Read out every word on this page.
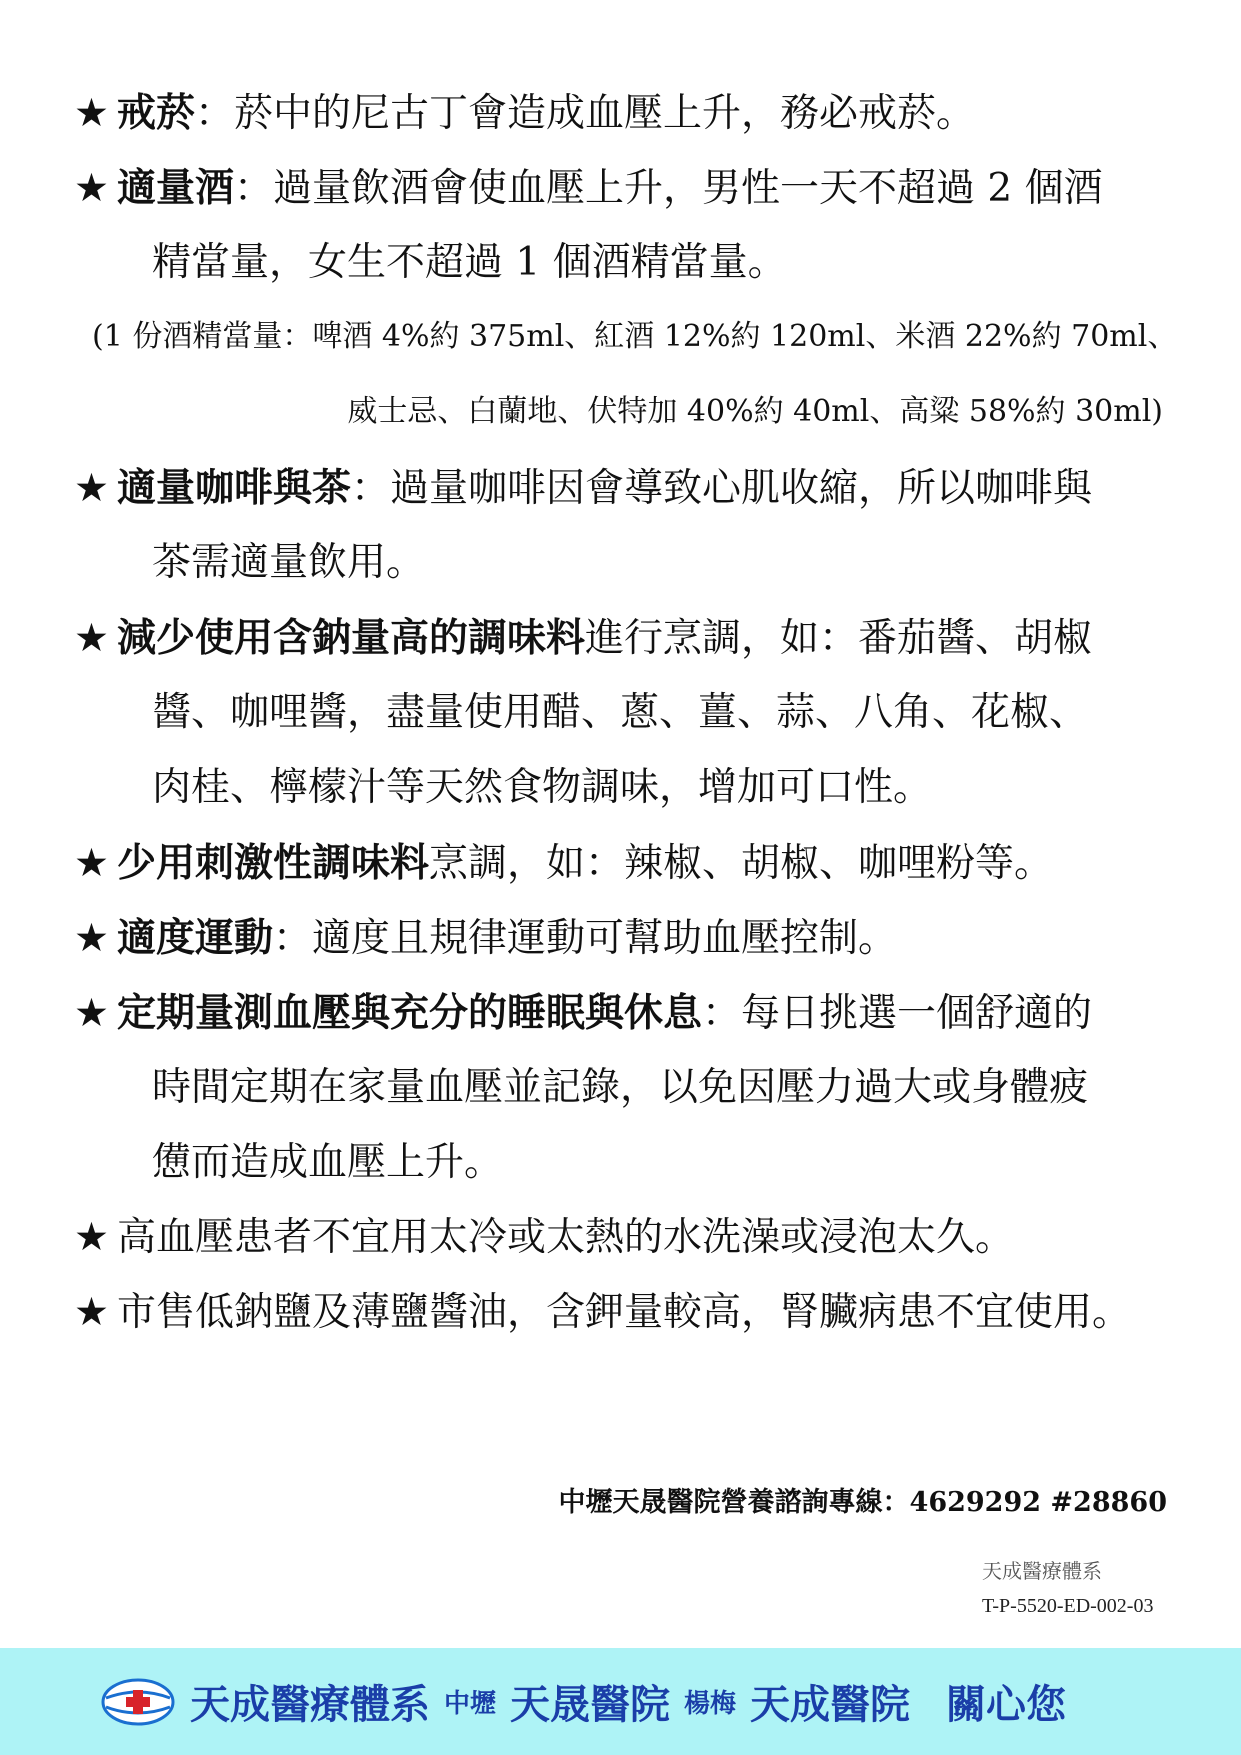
★ 戒菸：菸中的尼古丁會造成血壓上升，務必戒菸。
★ 適量酒：過量飲酒會使血壓上升，男性一天不超過 2 個酒
精當量，女生不超過 1 個酒精當量。
(1 份酒精當量：啤酒 4%約 375ml、紅酒 12%約 120ml、米酒 22%約 70ml、
威士忌、白蘭地、伏特加 40%約 40ml、高粱 58%約 30ml)
★ 適量咖啡與茶：過量咖啡因會導致心肌收縮，所以咖啡與
茶需適量飲用。
★ 減少使用含鈉量高的調味料進行烹調，如：番茄醬、胡椒
醬、咖哩醬，盡量使用醋、蔥、薑、蒜、八角、花椒、
肉桂、檸檬汁等天然食物調味，增加可口性。
★ 少用刺激性調味料烹調，如：辣椒、胡椒、咖哩粉等。
★ 適度運動：適度且規律運動可幫助血壓控制。
★ 定期量測血壓與充分的睡眠與休息：每日挑選一個舒適的
時間定期在家量血壓並記錄，以免因壓力過大或身體疲
憊而造成血壓上升。
★ 高血壓患者不宜用太冷或太熱的水洗澡或浸泡太久。
★ 市售低鈉鹽及薄鹽醬油，含鉀量較高，腎臟病患不宜使用。
中壢天晟醫院營養諮詢專線：4629292 #28860
天成醫療體系
T-P-5520-ED-002-03
天成醫療體系 中壢 天晟醫院 楊梅 天成醫院 關心您
